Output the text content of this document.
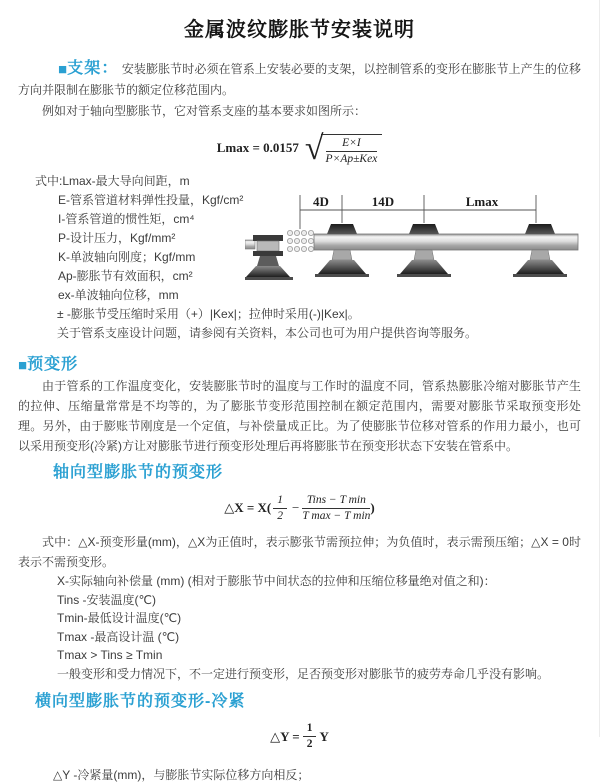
金属波纹膨胀节安装说明

■支架： 安装膨胀节时必须在管系上安装必要的支架，以控制管系的变形在膨胀节上产生的位移方向并限制在膨胀节的额定位移范围内。

例如对于轴向型膨胀节，它对管系支座的基本要求如图所示：

Lmax = 0.0157 √ $\frac{E\times I}{\text{P×Ap±Kex}}$
式中:Lmax-最大导向间距，m
E-管系管道材料弹性投量，Kgf/cm²
I-管系管道的惯性矩，cm⁴
P-设计压力，Kgf/mm²
K-单波轴向刚度；Kgf/mm
Ap-膨胀节有效面积，cm²
ex-单波轴向位移，mm
± -膨胀节受压缩时采用（+）|Kex|；拉伸时采用(-)|Kex|。
关于管系支座设计问题，请参阅有关资料，本公司也可为用户提供咨询等服务。
4D	14D	Lmax
■预变形

由于管系的工作温度变化，安装膨胀节时的温度与工作时的温度不同，管系热膨胀冷缩对膨胀节产生的拉伸、压缩量常常是不均等的，为了膨胀节变形范围控制在额定范围内，需要对膨胀节采取预变形处理。另外，由于膨账节刚度是一个定值，与补偿量成正比。为了使膨胀节位移对管系的作用力最小，也可以采用预变形(冷紧)方让对膨胀节进行预变形处理后再将膨胀节在预变形状态下安装在管系中。

轴向型膨胀节的预变形
△X = $X( \frac{1}{2} - \frac{\text{Tins − T min}}{\text{T max − T min}}$ )

式中：△X-预变形量(mm)，△X为正值时，表示膨张节需预拉伸；为负值时，表示需预压缩；△X = 0时表示不需预变形。

X-实际轴向补偿量 (mm) (相对于膨胀节中间状态的拉伸和压缩位移量绝对值之和)：
Tins -安装温度(℃)
Tmin-最低设计温度(℃)
Tmax -最高设计温 (℃)
Tmax > Tins ≥ Tmin
一般变形和受力情况下，不一定进行预变形，足否预变形对膨胀节的疲劳寿命几乎没有影响。
横向型膨胀节的预变形-冷紧
△Y = $\frac{1}{2}$ Y
△Y -冷紧量(mm)，与膨胀节实际位移方向相反；
